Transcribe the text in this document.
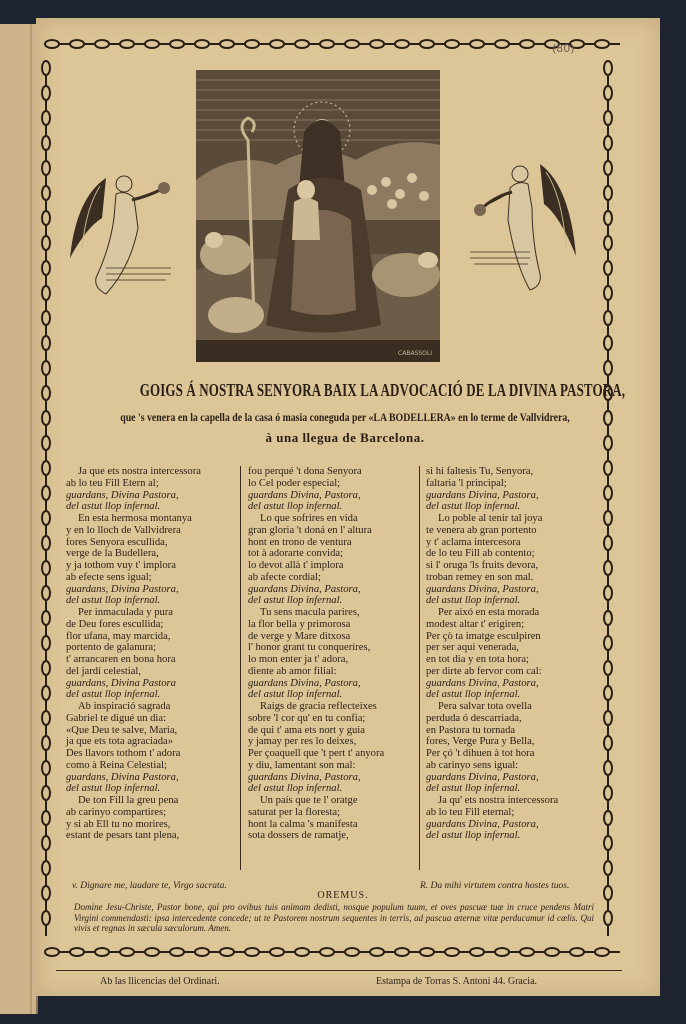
(80)
CABASSOLI
GOIGS Á NOSTRA SENYORA BAIX LA ADVOCACIÓ DE LA DIVINA PASTORA,
que 's venera en la capella de la casa ó masia coneguda per «LA BODELLERA» en lo terme de Vallvidrera,
à una llegua de Barcelona.

Ja que ets nostra intercessora

ab lo teu Fill Etern al;

guardans, Divina Pastora,

del astut llop infernal.

En esta hermosa montanya

y en lo lloch de Vallvidrera

fores Senyora escullida,

verge de la Budellera,

y ja tothom vuy t' implora

ab efecte sens igual;

guardans, Divina Pastora,

del astut llop infernal.

Per inmaculada y pura

de Deu fores escullida;

flor ufana, may marcida,

portento de galanura;

t' arrancaren en bona hora

del jardí celestial,

guardans, Divina Pastora

del astut llop infernal.

Ab inspiració sagrada

Gabriel te digué un dia:

«Que Deu te salve, Maria,

ja que ets tota agraciada»

Des llavors tothom t' adora

como à Reina Celestial;

guardans, Divina Pastora,

del astut llop infernal.

De ton Fill la greu pena

ab carinyo compartires;

y si ab Ell tu no morires,

estant de pesars tant plena,

fou perqué 't dona Senyora

lo Cel poder especial;

guardans Divina, Pastora,

del astut llop infernal.

Lo que sofrires en vida

gran gloria 't doná en l' altura

hont en trono de ventura

tot à adorarte convida;

lo devot allà t' implora

ab afecte cordial;

guardans Divina, Pastora,

del astut llop infernal.

Tu sens macula parires,

la flor bella y primorosa

de verge y Mare ditxosa

l' honor grant tu conqueríres,

lo mon enter ja t' adora,

diente ab amor filial:

guardans Divina, Pastora,

del astut llop infernal.

Raigs de gracia reflecteixes

sobre 'l cor qu' en tu confia;

de qui t' ama ets nort y guia

y jamay per res lo deixes,

Per çoaquell que 't pert t' anyora

y diu, lamentant son mal:

guardans Divina, Pastora,

del astut llop infernal.

Un país que te l' oratge

saturat per la floresta;

hont la calma 's manifesta

sota dossers de ramatje,

si hi faltesis Tu, Senyora,

faltaria 'l principal;

guardans Divina, Pastora,

del astut llop infernal.

Lo poble al tenir tal joya

te venera ab gran portento

y t' aclama intercesora

de lo teu Fill ab contento;

si l' oruga 'ls fruits devora,

troban remey en son mal.

guardans Divina, Pastora,

del astut llop infernal.

Per aixó en esta morada

modest altar t' erigiren;

Per çò ta imatge esculpiren

per ser aqui venerada,

en tot dia y en tota hora;

per dirte ab fervor com cal:

guardans Divina, Pastora,

del astut llop infernal.

Pera salvar tota ovella

perduda ó descarriada,

en Pastora tu tornada

fores, Verge Pura y Bella,

Per çó 't dihuen à tot hora

ab carinyo sens igual:

guardans Divina, Pastora,

del astut llop infernal.

Ja qu' ets nostra intercessora

ab lo teu Fill eternal;

guardans Divina, Pastora,

del astut llop infernal.

v. Dignare me, laudare te, Virgo sacrata.	R. Da mihi virtutem contra hostes tuos.
OREMUS.
Domine Jesu-Christe, Pastor bone, qui pro ovibus tuis animam dedisti, nosque populum tuum, et oves pascuæ tuæ in cruce pendens Matri Virgini commendasti: ipsa intercedente concede; ut te Pastorem nostrum sequentes in terris, ad pascua æternæ vitæ perducamur id cœlis. Qui vivis et regnas in sæcula sæculorum. Amen.
Ab las llicencias del Ordinari.	Estampa de Torras S. Antoni 44. Gracia.
